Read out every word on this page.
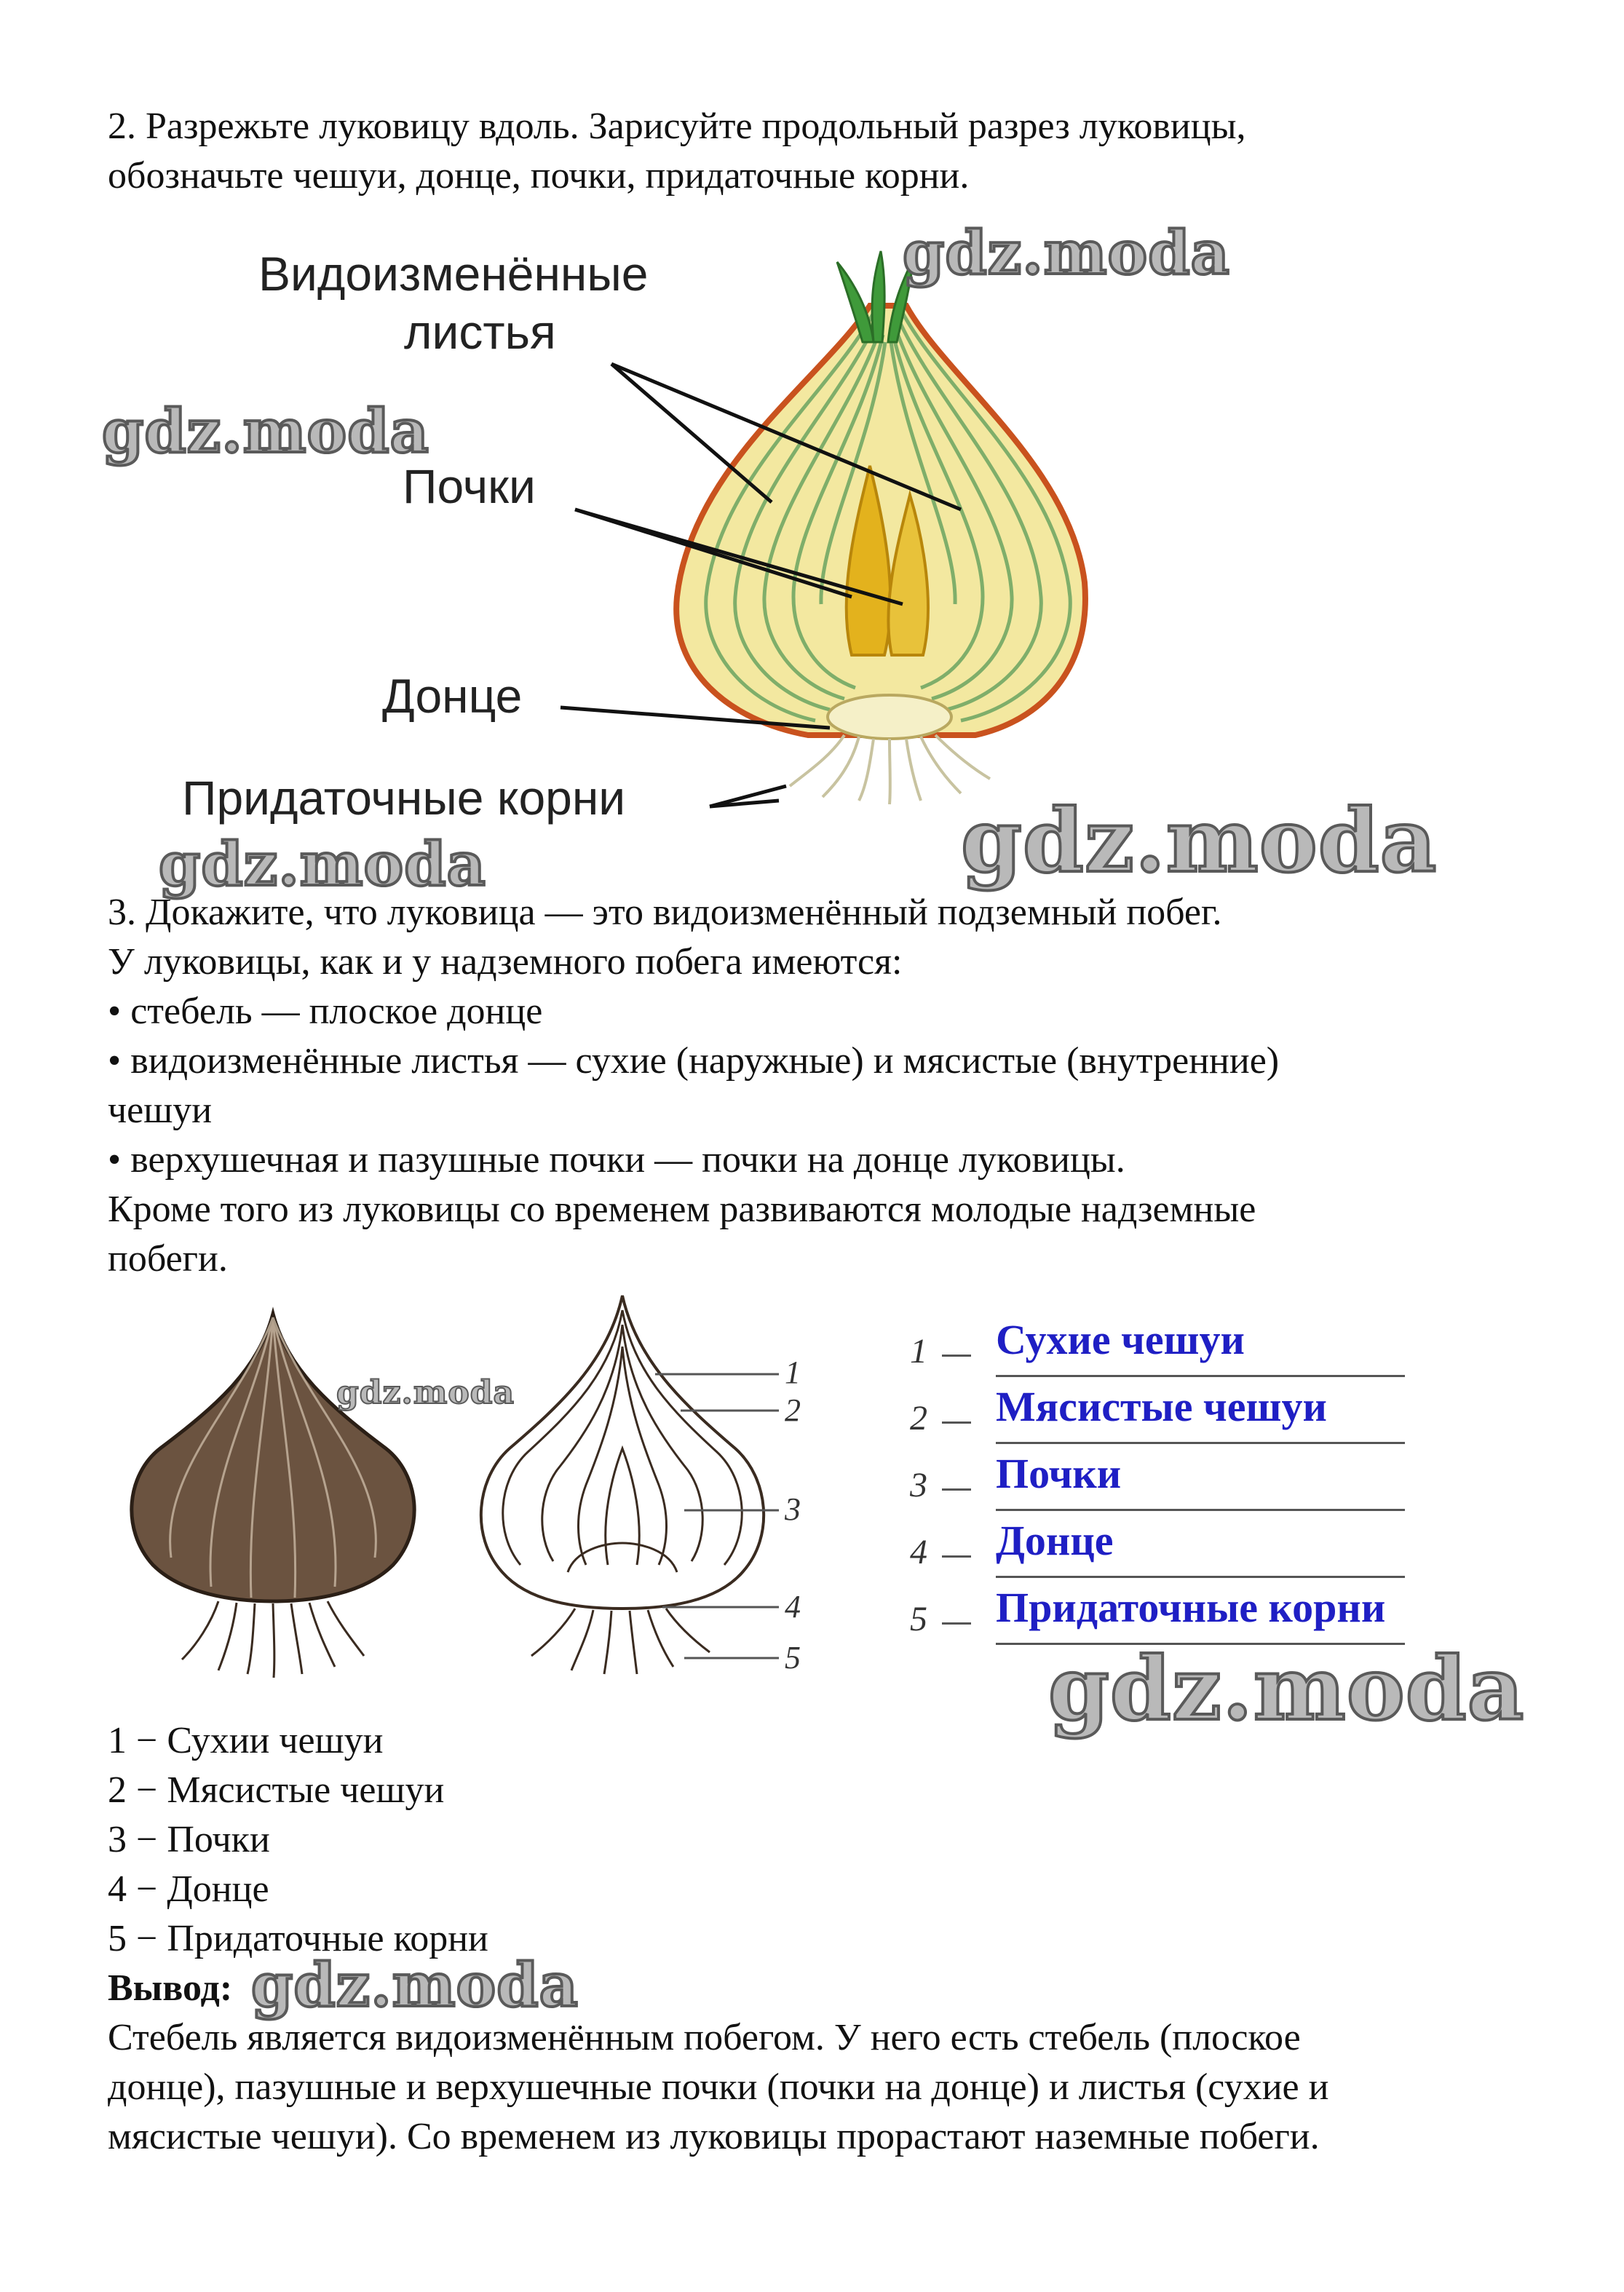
2. Разрежьте луковицу вдоль. Зарисуйте продольный разрез луковицы,
обозначьте чешуи, донце, почки, придаточные корни.
Видоизменённые
листья
Почки
Донце
Придаточные корни
gdz.moda
gdz.moda
gdz.moda
gdz.moda
3. Докажите, что луковица — это видоизменённый подземный побег.
У луковицы, как и у надземного побега имеются:
• стебель — плоское донце
• видоизменённые листья — сухие (наружные) и мясистые (внутренние)
чешуи
• верхушечная и пазушные почки — почки на донце луковицы.
Кроме того из луковицы со временем развиваются молодые надземные
побеги.
gdz.moda
1
2
3
4
5
1 Сухие чешуи
2 Мясистые чешуи
3 Почки
4 Донце
5 Придаточные корни
gdz.moda
1 − Сухии чешуи
2 − Мясистые чешуи
3 − Почки
4 − Донце
5 − Придаточные корни
Вывод: gdz.moda
Стебель является видоизменённым побегом. У него есть стебель (плоское
донце), пазушные и верхушечные почки (почки на донце) и листья (сухие и
мясистые чешуи). Со временем из луковицы прорастают наземные побеги.
